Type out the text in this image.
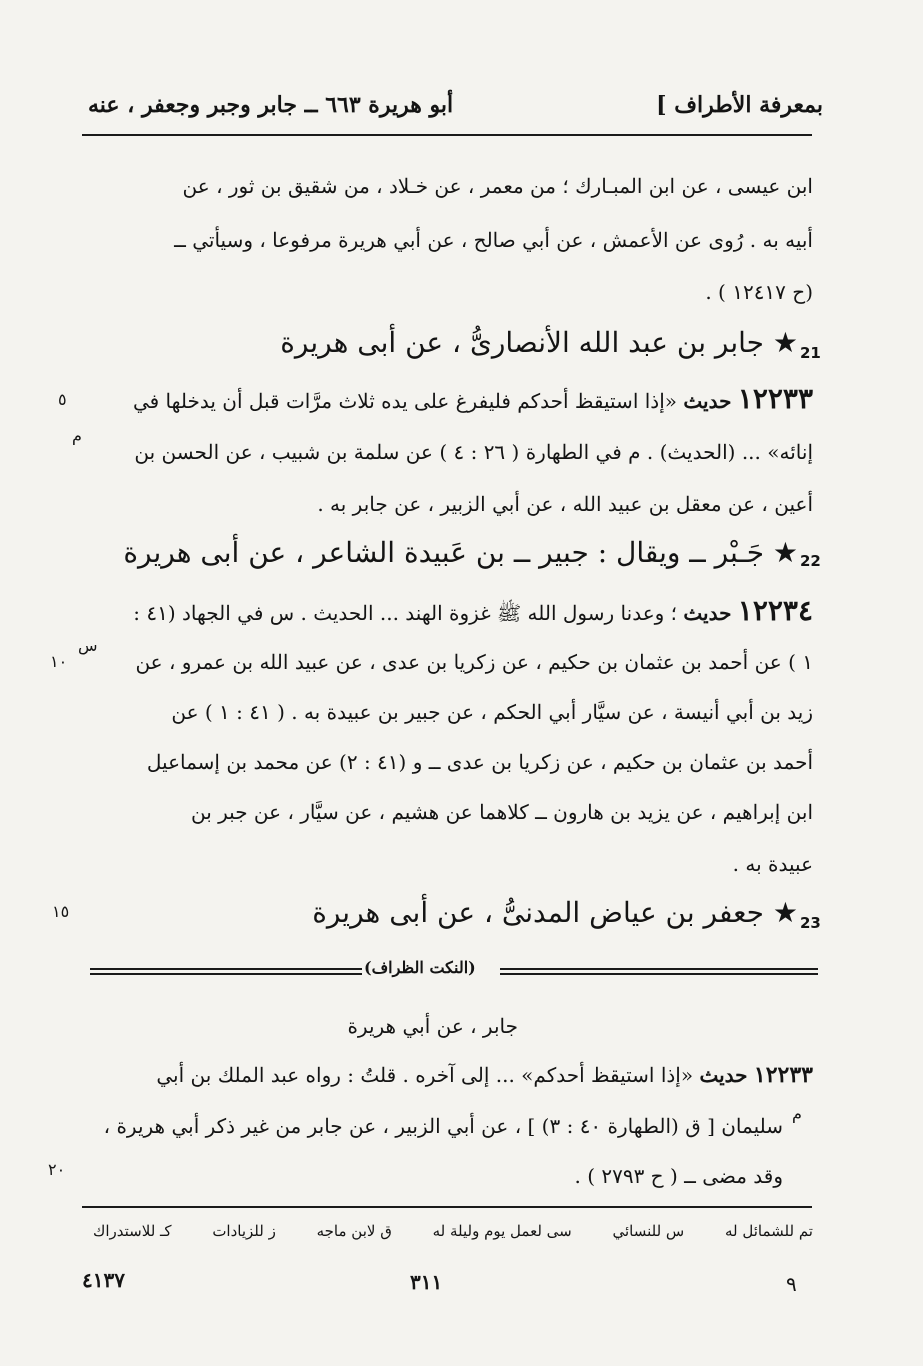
بمعرفة الأطراف ]
أبو هريرة ٦٦٣ ــ جابر وجبر وجعفر ، عنه
ابن عيسى ، عن ابن المبـارك ؛ من معمر ، عن خـلاد ، من شقيق بن ثور ، عن
أبيه به . رُوى عن الأعمش ، عن أبي صالح ، عن أبي هريرة مرفوعا ، وسيأتي ــ
(ح ١٢٤١٧ ) .
21
★ جابر بن عبد الله الأنصارىُّ ، عن أبى هريرة
١٢٢٣٣ حديث «إذا استيقظ أحدكم فليفرغ على يده ثلاث مرَّات قبل أن يدخلها في
٥
م
إنائه» ... (الحديث) . م في الطهارة ( ٢٦ : ٤ ) عن سلمة بن شبيب ، عن الحسن بن
أعين ، عن معقل بن عبيد الله ، عن أبي الزبير ، عن جابر به .
22
★ جَـبْر ــ ويقال : جبير ــ بن عَبيدة الشاعر ، عن أبى هريرة
١٢٢٣٤ حديث ؛ وعدنا رسول الله ﷺ غزوة الهند ... الحديث . س في الجهاد (٤١ :
س
١٠	١ ) عن أحمد بن عثمان بن حكيم ، عن زكريا بن عدى ، عن عبيد الله بن عمرو ، عن
زيد بن أبي أنيسة ، عن سيَّار أبي الحكم ، عن جبير بن عبيدة به . ( ٤١ : ١ ) عن
أحمد بن عثمان بن حكيم ، عن زكريا بن عدى ــ و (٤١ : ٢) عن محمد بن إسماعيل
ابن إبراهيم ، عن يزيد بن هارون ــ كلاهما عن هشيم ، عن سيَّار ، عن جبر بن
عبيدة به .
١٥
23
★ جعفر بن عياض المدنىُّ ، عن أبى هريرة
(النكت الظراف)
جابر ، عن أبي هريرة
١٢٢٣٣ حديث «إذا استيقظ أحدكم» ... إلى آخره . قلتُ : رواه عبد الملك بن أبي
م
سليمان [ ق (الطهارة ٤٠ : ٣) ] ، عن أبي الزبير ، عن جابر من غير ذكر أبي هريرة ،
٢٠	وقد مضى ــ ( ح ٢٧٩٣ ) .
تم للشمائل له
س للنسائي
سى لعمل يوم وليلة له
ق لابن ماجه
ز للزيادات
كـ للاستدراك
٤١٣٧	٣١١	٩
